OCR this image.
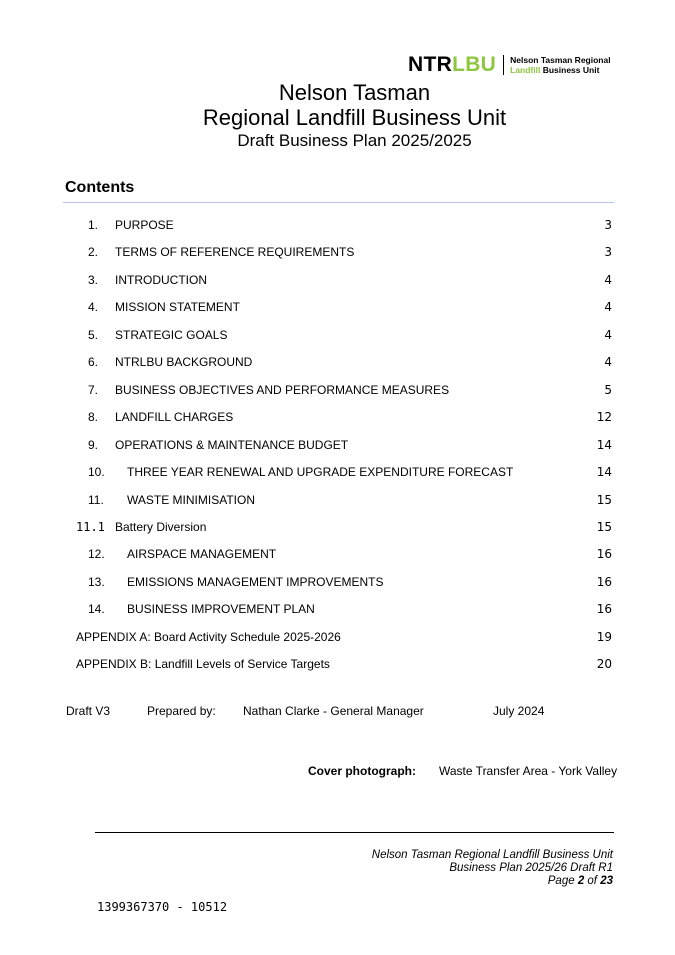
NTRLBU Nelson Tasman Regional
Landfill Business Unit
Nelson Tasman
Regional Landfill Business Unit
Draft Business Plan 2025/2025
Contents
1. PURPOSE	3
2. TERMS OF REFERENCE REQUIREMENTS	3
3. INTRODUCTION	4
4. MISSION STATEMENT	4
5. STRATEGIC GOALS	4
6. NTRLBU BACKGROUND	4
7. BUSINESS OBJECTIVES AND PERFORMANCE MEASURES	5
8. LANDFILL CHARGES	12
9. OPERATIONS & MAINTENANCE BUDGET	14
10. THREE YEAR RENEWAL AND UPGRADE EXPENDITURE FORECAST	14
11. WASTE MINIMISATION	15
11.1 Battery Diversion	15
12. AIRSPACE MANAGEMENT	16
13. EMISSIONS MANAGEMENT IMPROVEMENTS	16
14. BUSINESS IMPROVEMENT PLAN	16
APPENDIX A: Board Activity Schedule 2025-2026	19
APPENDIX B: Landfill Levels of Service Targets	20
Draft V3	Prepared by: Nathan Clarke - General Manager	July 2024
Cover photograph: Waste Transfer Area - York Valley
Nelson Tasman Regional Landfill Business Unit
Business Plan 2025/26 Draft R1
Page 2 of 23
1399367370 - 10512
